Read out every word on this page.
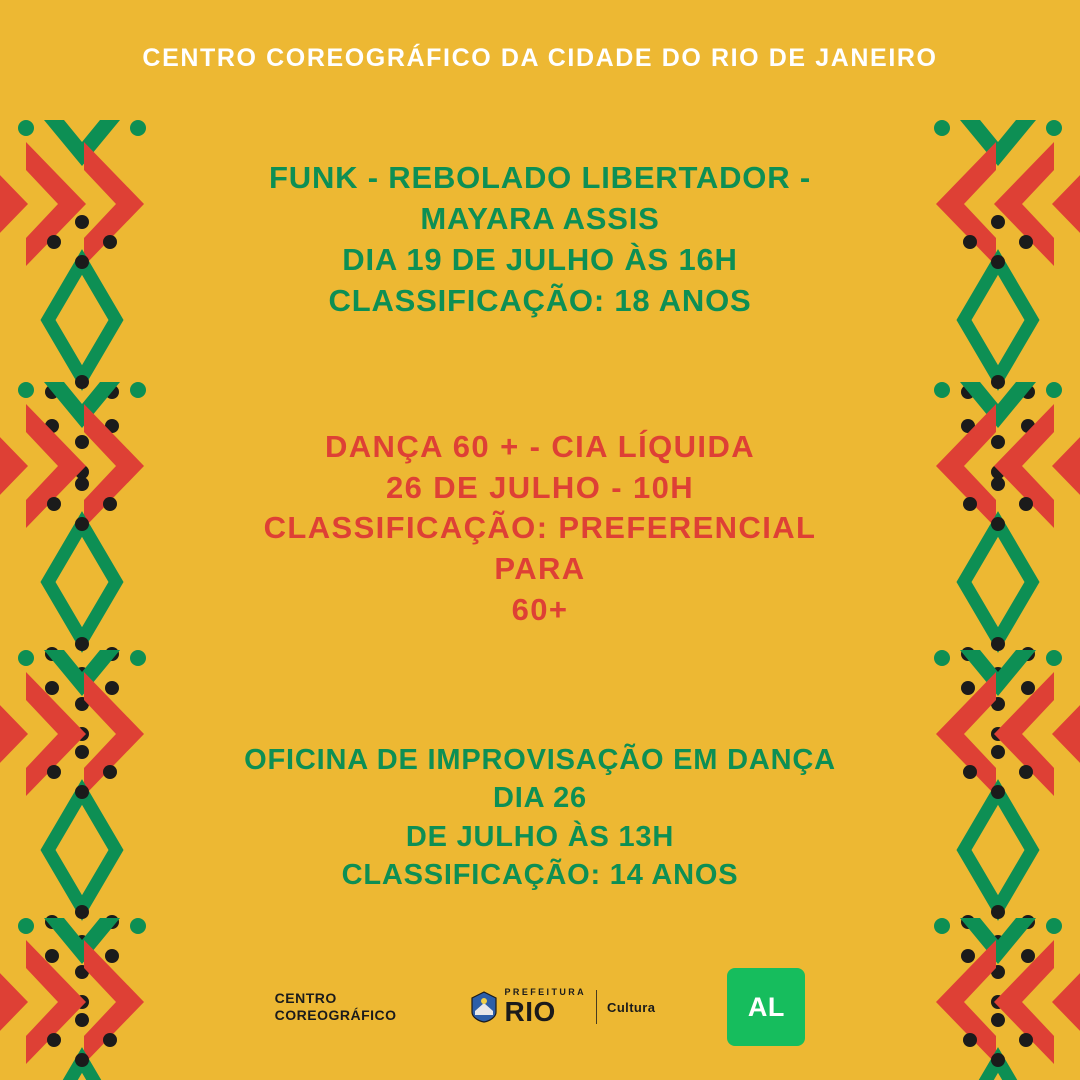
CENTRO COREOGRÁFICO DA CIDADE DO RIO DE JANEIRO
FUNK - REBOLADO LIBERTADOR - MAYARA ASSIS
DIA 19 DE JULHO ÀS 16H
CLASSIFICAÇÃO: 18 ANOS
DANÇA 60 + - CIA LÍQUIDA
26 DE JULHO - 10H
CLASSIFICAÇÃO: PREFERENCIAL PARA
60+
OFICINA DE IMPROVISAÇÃO EM DANÇA DIA 26
DE JULHO ÀS 13H
CLASSIFICAÇÃO: 14 ANOS
CENTRO
COREOGRÁFICO
PREFEITURA
RIO	Cultura	AL
